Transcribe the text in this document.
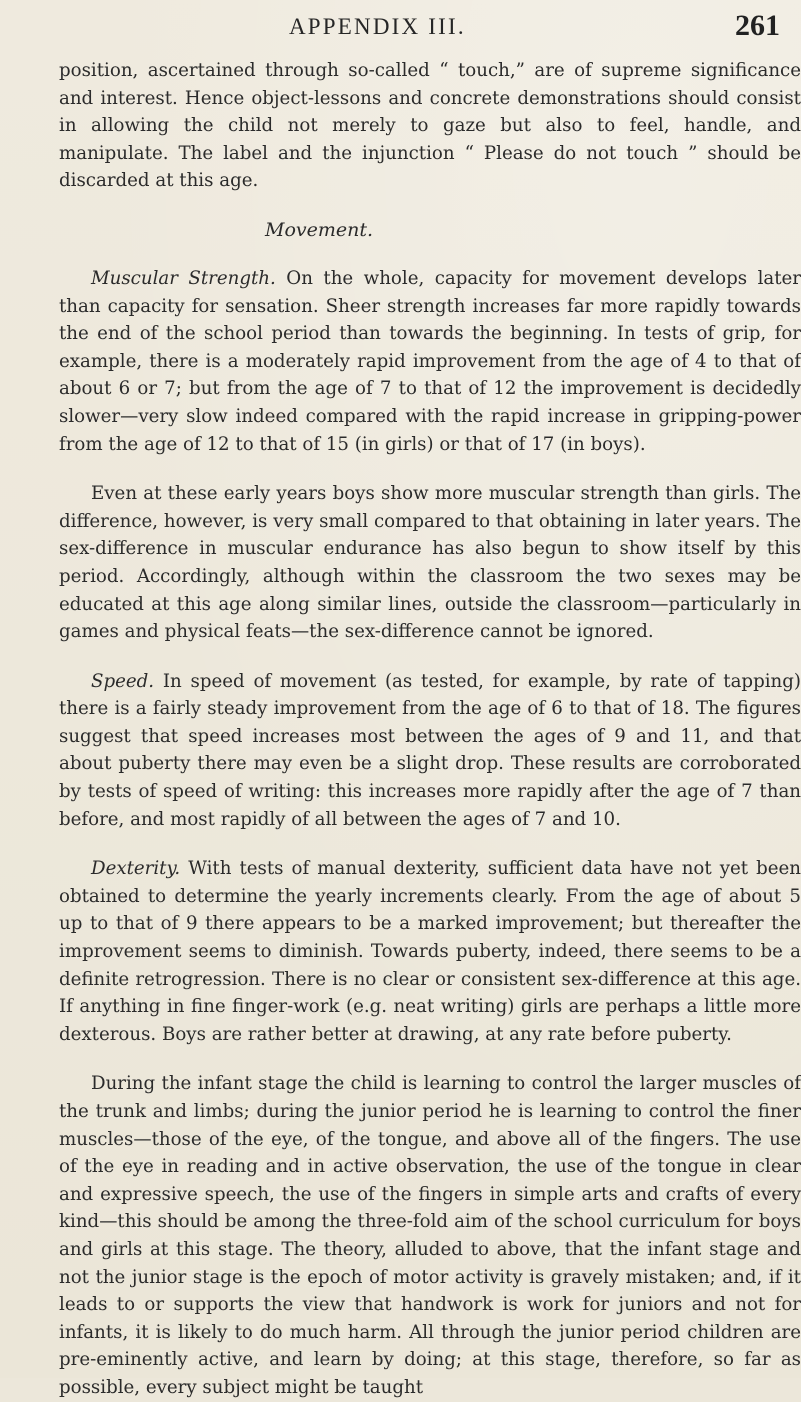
APPENDIX III.	261

position, ascertained through so-called “ touch,” are of supreme significance and interest. Hence object-lessons and concrete demonstrations should consist in allowing the child not merely to gaze but also to feel, handle, and manipulate. The label and the injunction “ Please do not touch ” should be discarded at this age.

Movement.

Muscular Strength. On the whole, capacity for movement develops later than capacity for sensation. Sheer strength increases far more rapidly towards the end of the school period than towards the beginning. In tests of grip, for example, there is a moderately rapid improvement from the age of 4 to that of about 6 or 7; but from the age of 7 to that of 12 the improvement is decidedly slower—very slow indeed compared with the rapid increase in gripping-power from the age of 12 to that of 15 (in girls) or that of 17 (in boys).

Even at these early years boys show more muscular strength than girls. The difference, however, is very small compared to that obtaining in later years. The sex-difference in muscular endurance has also begun to show itself by this period. Accordingly, although within the classroom the two sexes may be educated at this age along similar lines, outside the classroom—particularly in games and physical feats—the sex-difference cannot be ignored.

Speed. In speed of movement (as tested, for example, by rate of tapping) there is a fairly steady improvement from the age of 6 to that of 18. The figures suggest that speed increases most between the ages of 9 and 11, and that about puberty there may even be a slight drop. These results are corroborated by tests of speed of writing: this increases more rapidly after the age of 7 than before, and most rapidly of all between the ages of 7 and 10.

Dexterity. With tests of manual dexterity, sufficient data have not yet been obtained to determine the yearly increments clearly. From the age of about 5 up to that of 9 there appears to be a marked improvement; but thereafter the improvement seems to diminish. Towards puberty, indeed, there seems to be a definite retrogression. There is no clear or consistent sex-difference at this age. If anything in fine finger-work (e.g. neat writing) girls are perhaps a little more dexterous. Boys are rather better at drawing, at any rate before puberty.

During the infant stage the child is learning to control the larger muscles of the trunk and limbs; during the junior period he is learning to control the finer muscles—those of the eye, of the tongue, and above all of the fingers. The use of the eye in reading and in active observation, the use of the tongue in clear and expressive speech, the use of the fingers in simple arts and crafts of every kind—this should be among the three-fold aim of the school curriculum for boys and girls at this stage. The theory, alluded to above, that the infant stage and not the junior stage is the epoch of motor activity is gravely mistaken; and, if it leads to or supports the view that handwork is work for juniors and not for infants, it is likely to do much harm. All through the junior period children are pre-eminently active, and learn by doing; at this stage, therefore, so far as possible, every subject might be taught
